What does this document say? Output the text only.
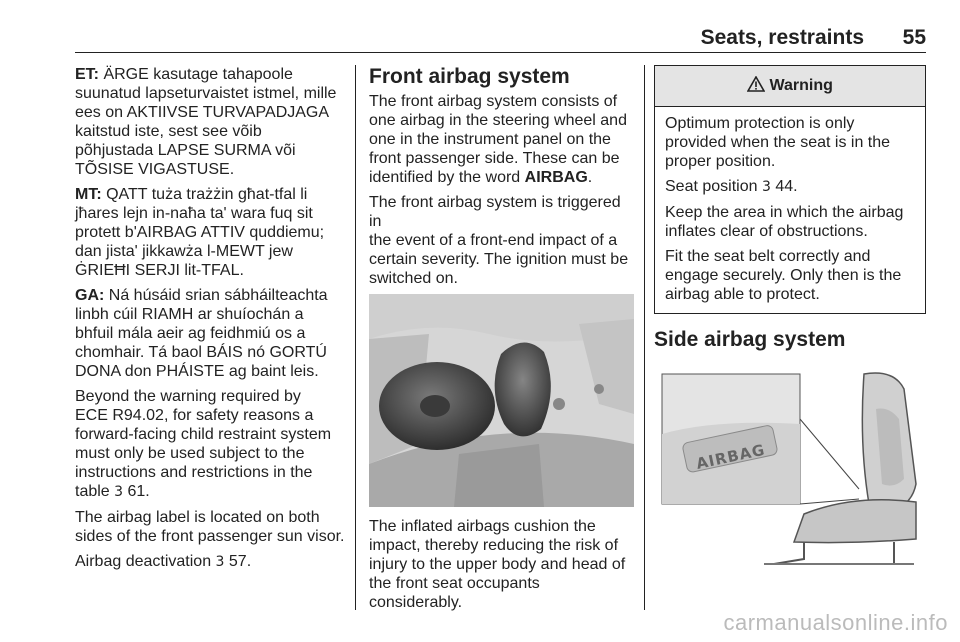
Seats, restraints 55

ET: ÄRGE kasutage tahapoole
suunatud lapseturvaistet istmel, mille
ees on AKTIIVSE TURVAPADJAGA
kaitstud iste, sest see võib
põhjustada LAPSE SURMA või
TÕSISE VIGASTUSE.

MT: QATT tuża trażżin għat-tfal li
jħares lejn in-naħa ta' wara fuq sit
protett b'AIRBAG ATTIV quddiemu;
dan jista' jikkawża l-MEWT jew
ĠRIEĦI SERJI lit-TFAL.

GA: Ná húsáid srian sábháilteachta
linbh cúil RIAMH ar shuíochán a
bhfuil mála aeir ag feidhmiú os a
chomhair. Tá baol BÁIS nó GORTÚ
DONA don PHÁISTE ag baint leis.

Beyond the warning required by
ECE R94.02, for safety reasons a
forward-facing child restraint system
must only be used subject to the
instructions and restrictions in the
table 3 61.

The airbag label is located on both
sides of the front passenger sun visor.

Airbag deactivation 3 57.

Front airbag system

The front airbag system consists of
one airbag in the steering wheel and
one in the instrument panel on the
front passenger side. These can be
identified by the word AIRBAG.

The front airbag system is triggered in
the event of a front-end impact of a
certain severity. The ignition must be
switched on.

The inflated airbags cushion the
impact, thereby reducing the risk of
injury to the upper body and head of
the front seat occupants
considerably.

Warning

Optimum protection is only
provided when the seat is in the
proper position.

Seat position 3 44.

Keep the area in which the airbag
inflates clear of obstructions.

Fit the seat belt correctly and
engage securely. Only then is the
airbag able to protect.

Side airbag system
AIRBAG
carmanualsonline.info
